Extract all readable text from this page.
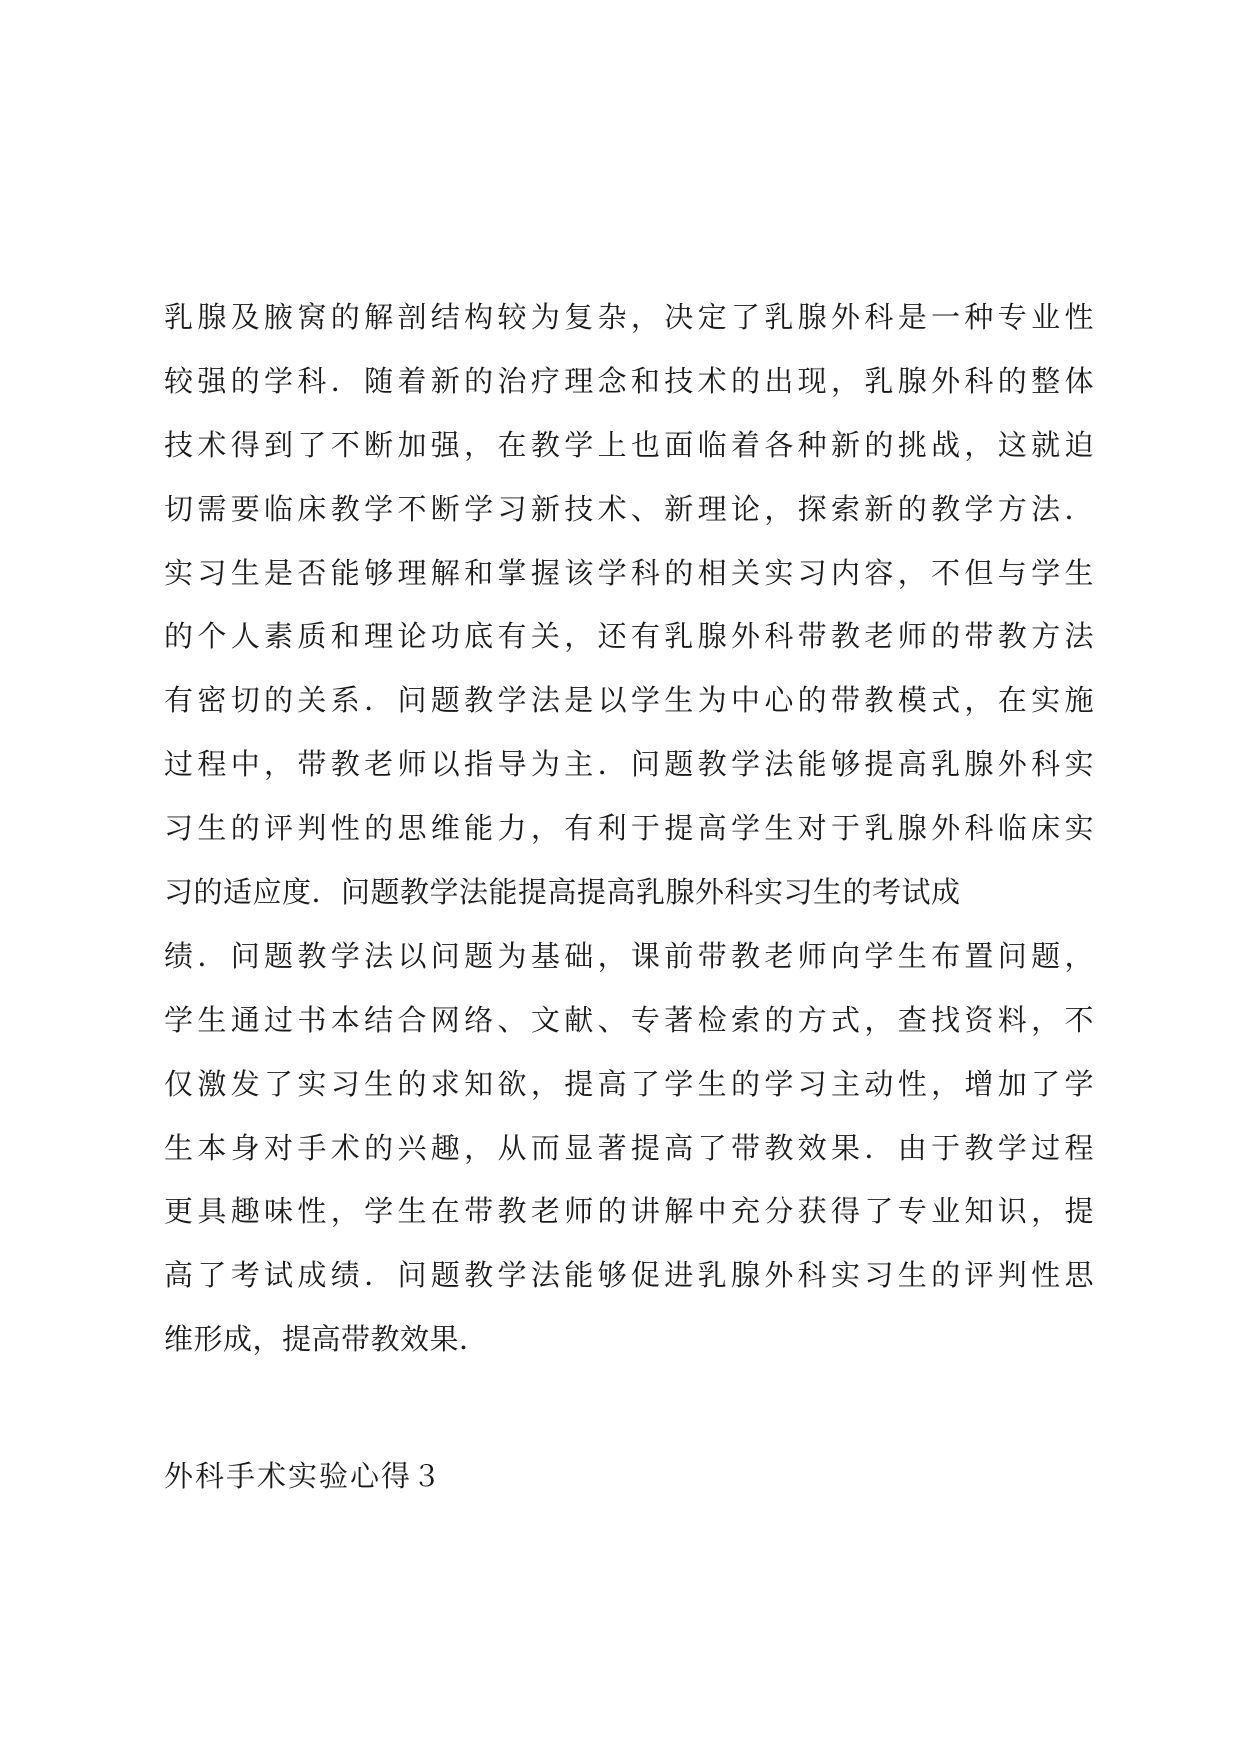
乳腺及腋窝的解剖结构较为复杂，决定了乳腺外科是一种专业性
较强的学科．随着新的治疗理念和技术的出现，乳腺外科的整体
技术得到了不断加强，在教学上也面临着各种新的挑战，这就迫
切需要临床教学不断学习新技术、新理论，探索新的教学方法．
实习生是否能够理解和掌握该学科的相关实习内容，不但与学生
的个人素质和理论功底有关，还有乳腺外科带教老师的带教方法
有密切的关系．问题教学法是以学生为中心的带教模式，在实施
过程中，带教老师以指导为主．问题教学法能够提高乳腺外科实
习生的评判性的思维能力，有利于提高学生对于乳腺外科临床实
习的适应度．问题教学法能提高提高乳腺外科实习生的考试成
绩．问题教学法以问题为基础，课前带教老师向学生布置问题，
学生通过书本结合网络、文献、专著检索的方式，查找资料，不
仅激发了实习生的求知欲，提高了学生的学习主动性，增加了学
生本身对手术的兴趣，从而显著提高了带教效果．由于教学过程
更具趣味性，学生在带教老师的讲解中充分获得了专业知识，提
高了考试成绩．问题教学法能够促进乳腺外科实习生的评判性思
维形成，提高带教效果．
外科手术实验心得３
